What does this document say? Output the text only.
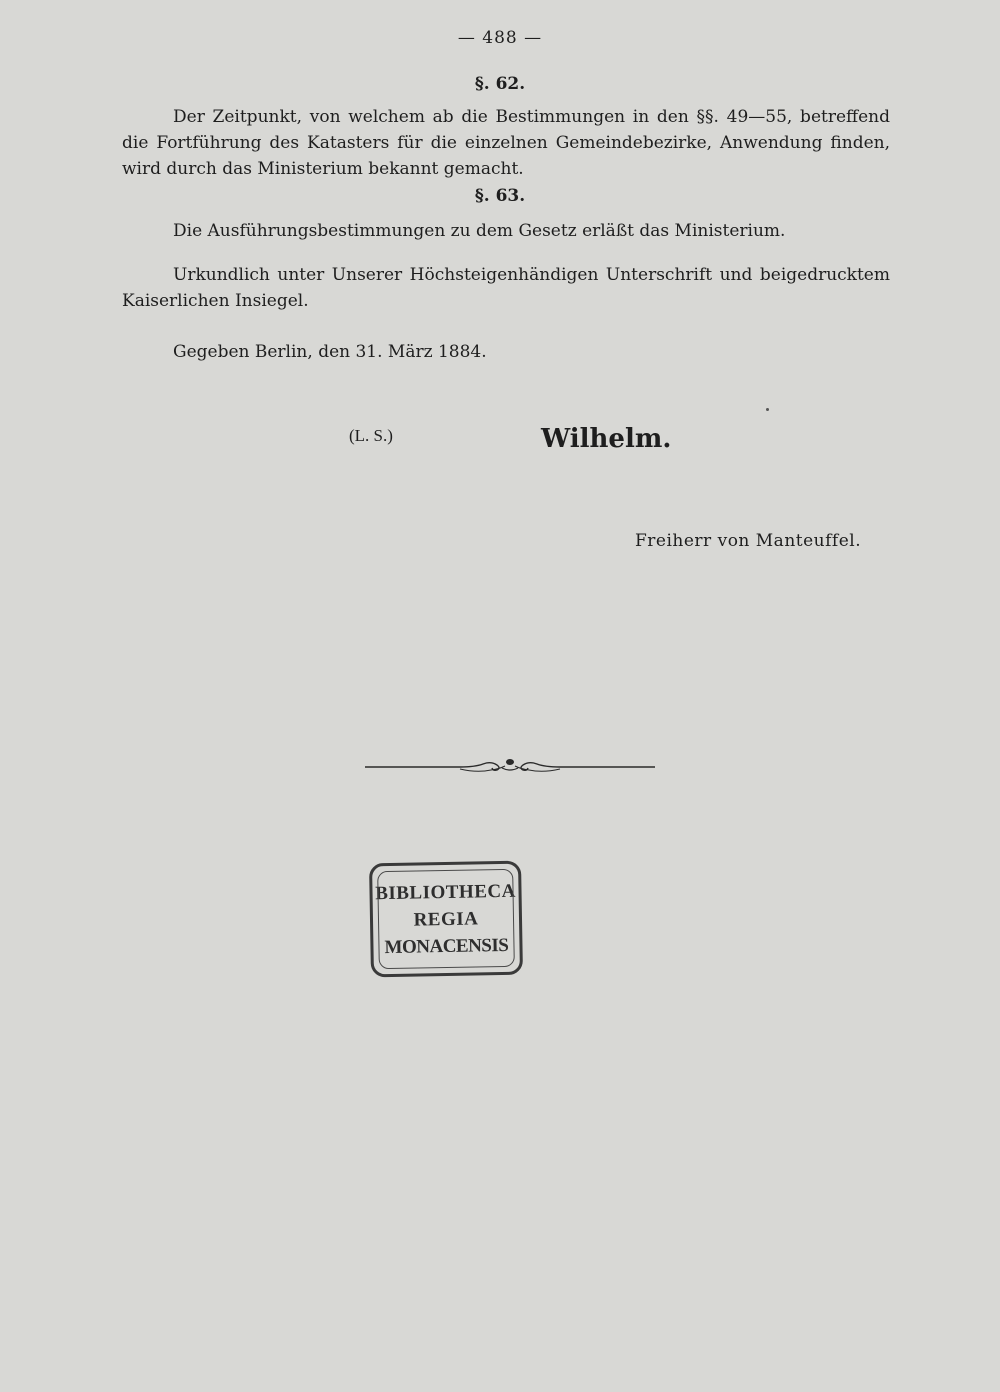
— 488 —
§. 62.
Der Zeitpunkt, von welchem ab die Bestimmungen in den §§. 49—55, betreffend die Fortführung des Katasters für die einzelnen Gemeindebezirke, Anwendung finden, wird durch das Ministerium bekannt gemacht.
§. 63.
Die Ausführungsbestimmungen zu dem Gesetz erläßt das Ministerium.
Urkundlich unter Unserer Höchsteigenhändigen Unterschrift und beigedrucktem Kaiserlichen Insiegel.
Gegeben Berlin, den 31. März 1884.
(L. S.)	Wilhelm.
Freiherr von Manteuffel.
BIBLIOTHECA
REGIA
MONACENSIS
